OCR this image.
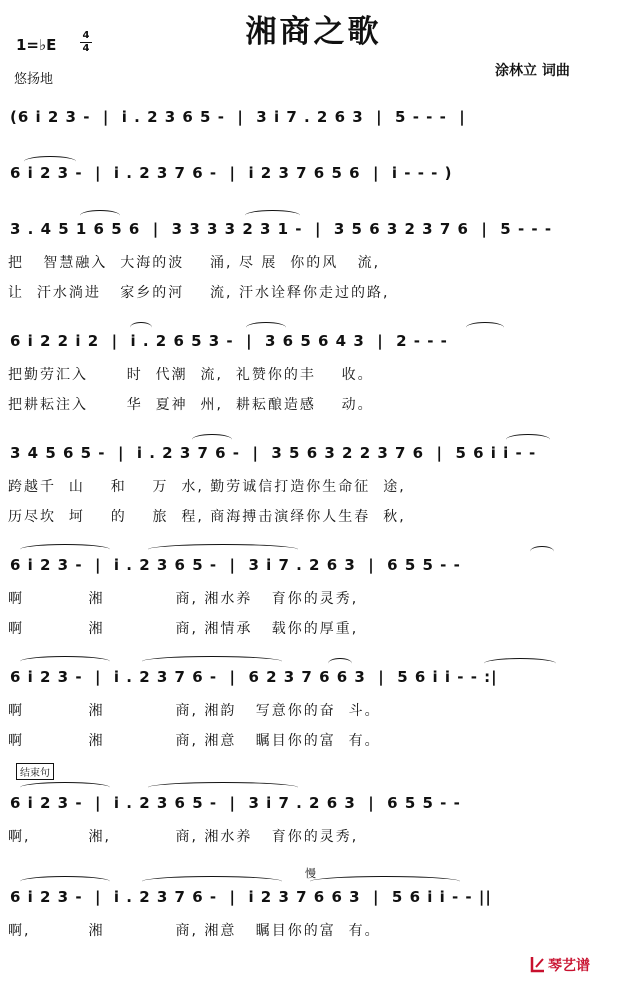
湘商之歌
1=♭E
4
4
悠扬地
涂林立 词曲
(6 i 2 3 -  |  i . 2 3 6 5 -  |  3 i 7 . 2 6 3  |  5 - - -  |
6 i 2 3 -  |  i . 2 3 7 6 -  |  i 2 3 7 6 5 6  |  i - - - )
3 . 4 5 1 6 5 6  |  3 3 3 3 2 3 1 -  |  3 5 6 3 2 3 7 6  |  5 - - -
把   智慧融入  大海的波    涌, 尽 展  你的风   流,
让  汗水淌进   家乡的河    流, 汗水诠释你走过的路,
6 i 2 2 i 2  |  i . 2 6 5 3 -  |  3 6 5 6 4 3  |  2 - - -
把勤劳汇入      时  代潮  流,  礼赞你的丰    收。
把耕耘注入      华  夏神  州,  耕耘酿造感    动。
3 4 5 6 5 -  |  i . 2 3 7 6 -  |  3 5 6 3 2 2 3 7 6  |  5 6 i i - -
跨越千  山    和    万  水, 勤劳诚信打造你生命征  途,
历尽坎  坷    的    旅  程, 商海搏击演绎你人生春  秋,
6 i 2 3 -  |  i . 2 3 6 5 -  |  3 i 7 . 2 6 3  |  6 5 5 - -
啊          湘           商, 湘水养   育你的灵秀,
啊          湘           商, 湘情承   载你的厚重,
6 i 2 3 -  |  i . 2 3 7 6 -  |  6 2 3 7 6 6 3  |  5 6 i i - - :|
啊          湘           商, 湘韵   写意你的奋  斗。
啊          湘           商, 湘意   瞩目你的富  有。
结束句
6 i 2 3 -  |  i . 2 3 6 5 -  |  3 i 7 . 2 6 3  |  6 5 5 - -
啊,         湘,          商, 湘水养   育你的灵秀,
慢
6 i 2 3 -  |  i . 2 3 7 6 -  |  i 2 3 7 6 6 3  |  5 6 i i - - ||
啊,         湘           商, 湘意   瞩目你的富  有。
琴艺谱
